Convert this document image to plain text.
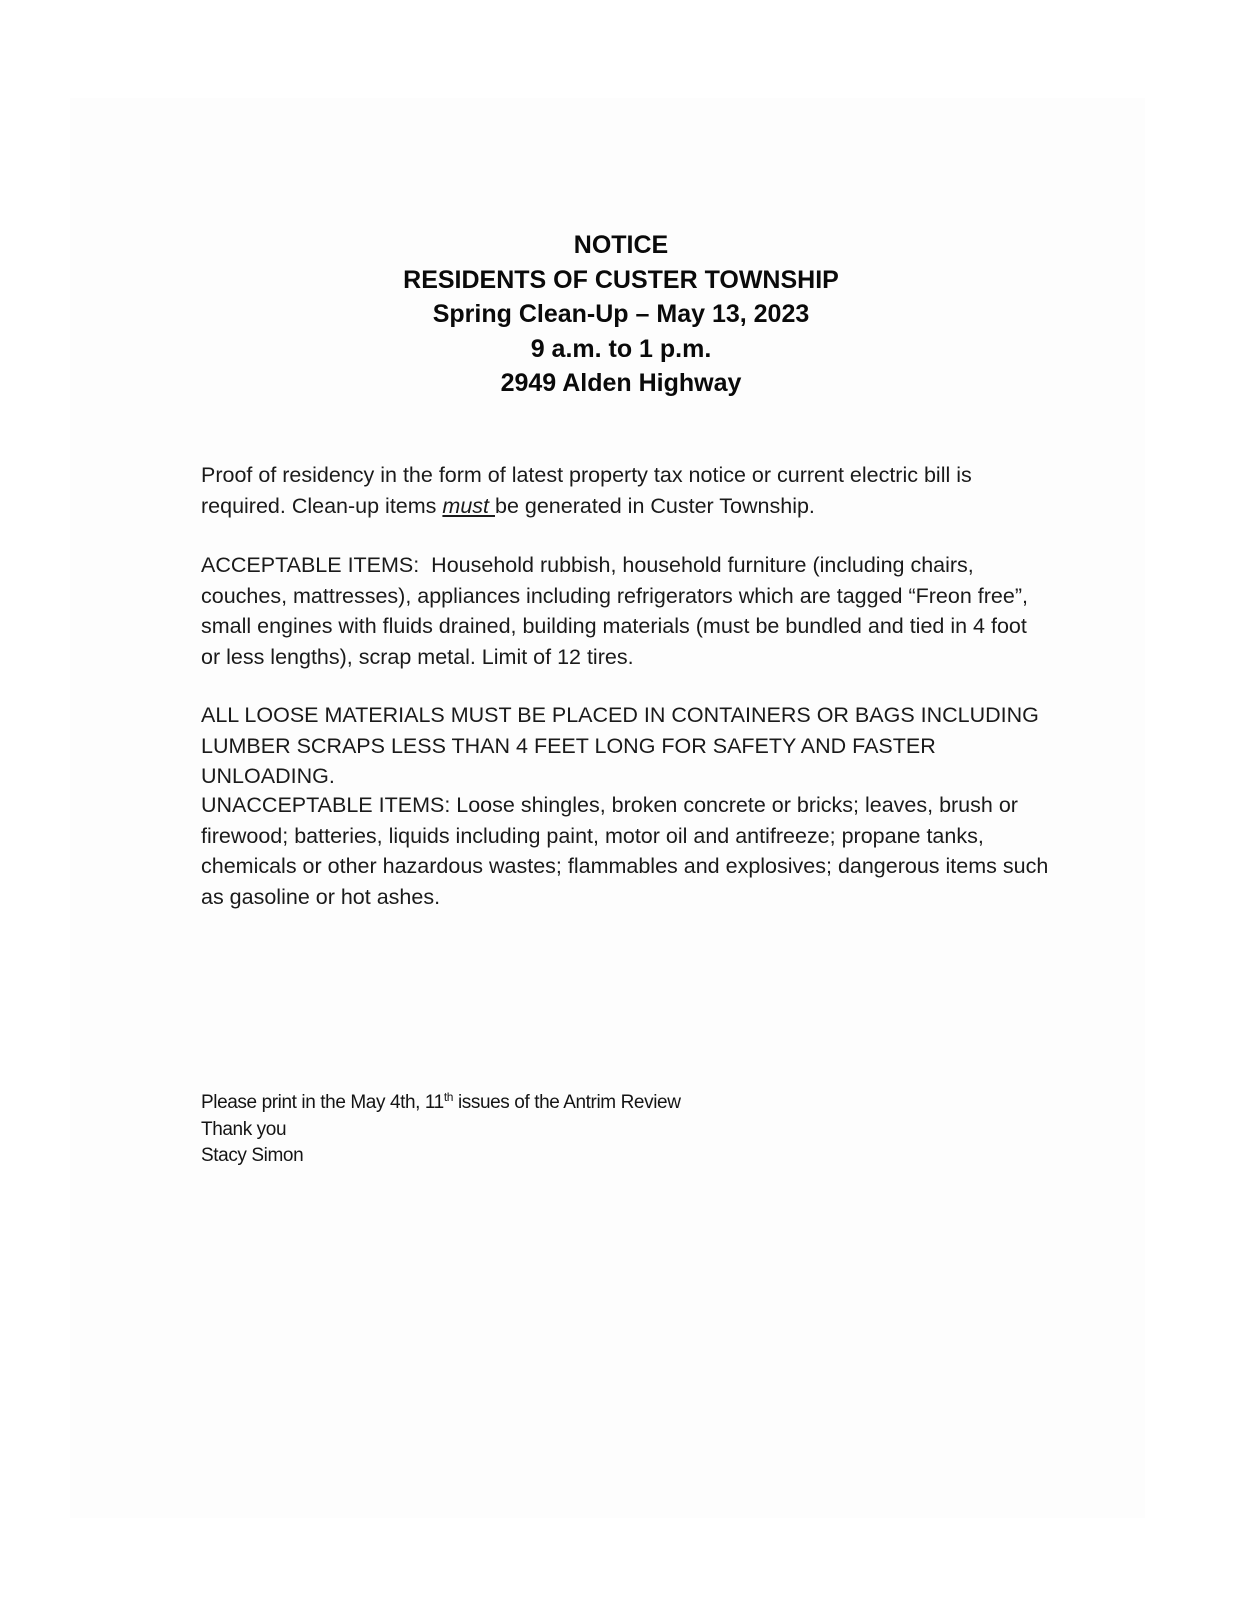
NOTICE
RESIDENTS OF CUSTER TOWNSHIP
Spring Clean-Up – May 13, 2023
9 a.m. to 1 p.m.
2949 Alden Highway

Proof of residency in the form of latest property tax notice or current electric bill is required. Clean-up items must be generated in Custer Township.

ACCEPTABLE ITEMS:  Household rubbish, household furniture (including chairs, couches, mattresses), appliances including refrigerators which are tagged “Freon free”, small engines with fluids drained, building materials (must be bundled and tied in 4 foot or less lengths), scrap metal. Limit of 12 tires.

ALL LOOSE MATERIALS MUST BE PLACED IN CONTAINERS OR BAGS INCLUDING LUMBER SCRAPS LESS THAN 4 FEET LONG FOR SAFETY AND FASTER UNLOADING.

UNACCEPTABLE ITEMS: Loose shingles, broken concrete or bricks; leaves, brush or firewood; batteries, liquids including paint, motor oil and antifreeze; propane tanks, chemicals or other hazardous wastes; flammables and explosives; dangerous items such as gasoline or hot ashes.

Please print in the May 4th, 11th issues of the Antrim Review
Thank you
Stacy Simon
